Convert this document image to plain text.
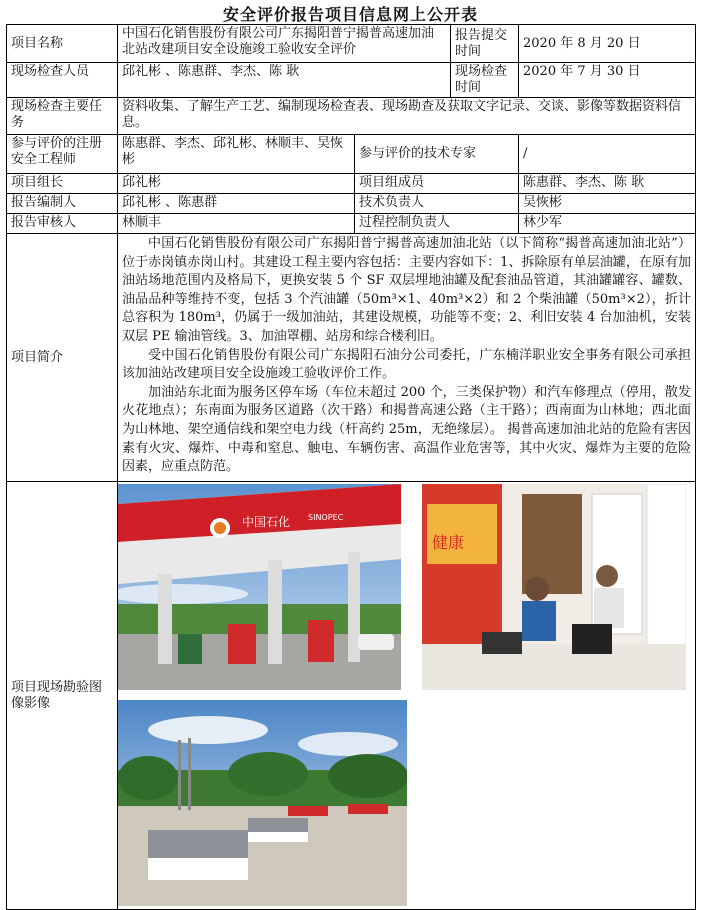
安全评价报告项目信息网上公开表
项目名称	中国石化销售股份有限公司广东揭阳普宁揭普高速加油北站改建项目安全设施竣工验收安全评价		报告提交时间	2020 年 8 月 20 日
现场检查人员	邱礼彬 、陈惠群、李杰、陈 耿		现场检查时间	2020 年 7 月 30 日
现场检查主要任务	资料收集、了解生产工艺、编制现场检查表、现场勘查及获取文字记录、交谈、影像等数据资料信息。			
参与评价的注册安全工程师	陈惠群、李杰、邱礼彬、林顺丰、吴恢彬	参与评价的技术专家		/
项目组长	邱礼彬	项目组成员		陈惠群、李杰、陈 耿
报告编制人	邱礼彬 、陈惠群	技术负责人		吴恢彬
报告审核人	林顺丰	过程控制负责人		林少军
项目简介	中国石化销售股份有限公司广东揭阳普宁揭普高速加油北站（以下简称“揭普高速加油北站”）位于赤岗镇赤岗山村。其建设工程主要内容包括：主要内容如下：1、拆除原有单层油罐，在原有加油站场地范围内及格局下，更换安装 5 个 SF 双层埋地油罐及配套油品管道，其油罐罐容、罐数、油品品种等维持不变，包括 3 个汽油罐（50m³×1、40m³×2）和 2 个柴油罐（50m³×2），折计总容积为 180m³，仍属于一级加油站，其建设规模，功能等不变；2、利旧安装 4 台加油机，安装双层 PE 输油管线。3、加油罩棚、站房和综合楼利旧。

受中国石化销售股份有限公司广东揭阳石油分公司委托，广东楠洋职业安全事务有限公司承担该加油站改建项目安全设施竣工验收评价工作。

加油站东北面为服务区停车场（车位未超过 200 个，三类保护物）和汽车修理点（停用，散发火花地点）；东南面为服务区道路（次干路）和揭普高速公路（主干路）；西南面为山林地；西北面为山林地、架空通信线和架空电力线（杆高约 25m，无绝缘层）。 揭普高速加油北站的危险有害因素有火灾、爆炸、中毒和窒息、触电、车辆伤害、高温作业危害等，其中火灾、爆炸为主要的危险因素，应重点防范。			

项目现场勘验图像影像	中国石化 SINOPEC
健康			
